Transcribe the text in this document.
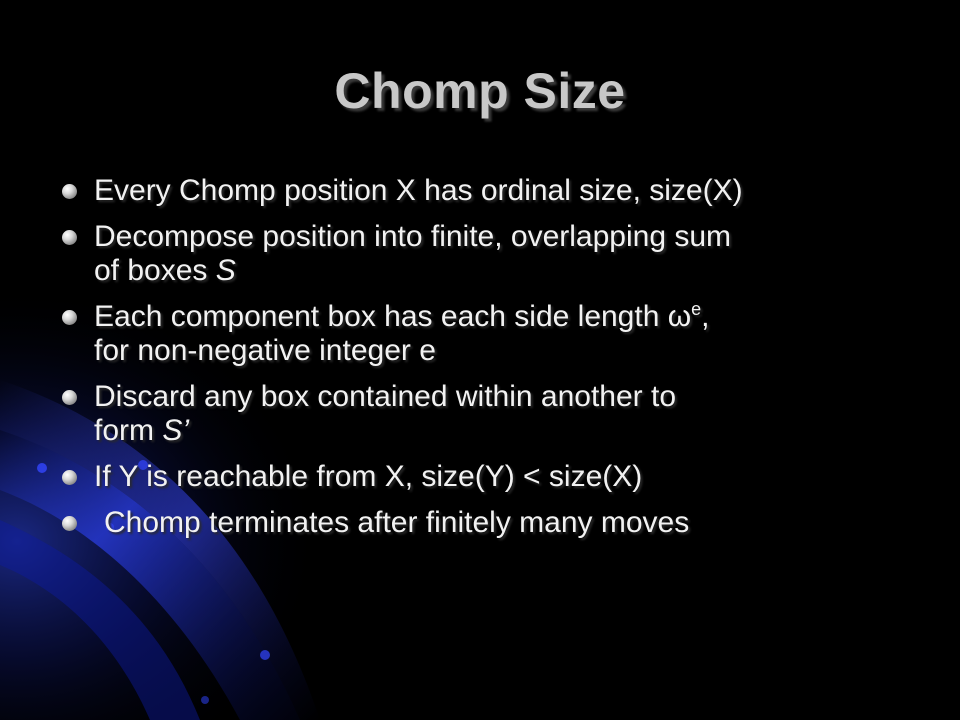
Chomp Size
Every Chomp position X has ordinal size, size(X)
Decompose position into finite, overlapping sum
of boxes S
Each component box has each side length $\omega^e$,
for non-negative integer e
Discard any box contained within another to
form S’
If Y is reachable from X, size(Y) < size(X)
Chomp terminates after finitely many moves
